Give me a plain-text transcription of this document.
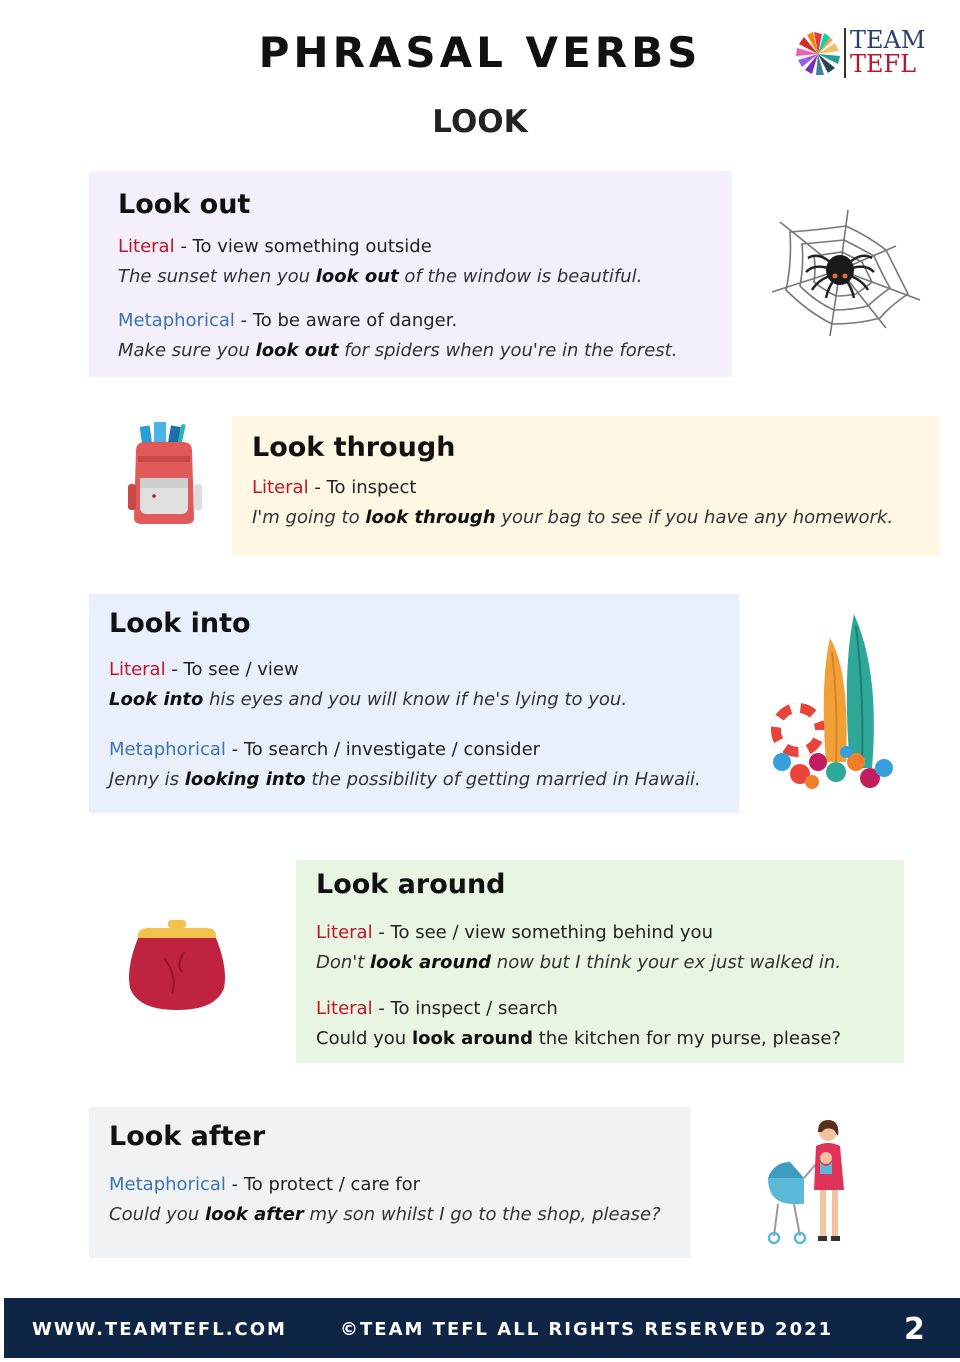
PHRASAL VERBS
LOOK
TEAM
TEFL
Look out
Literal - To view something outside
The sunset when you look out of the window is beautiful.
Metaphorical - To be aware of danger.
Make sure you look out for spiders when you're in the forest.
Look through
Literal - To inspect
I'm going to look through your bag to see if you have any homework.
Look into
Literal - To see / view
Look into his eyes and you will know if he's lying to you.
Metaphorical - To search / investigate / consider
Jenny is looking into the possibility of getting married in Hawaii.
Look around
Literal - To see / view something behind you
Don't look around now but I think your ex just walked in.
Literal - To inspect / search
Could you look around the kitchen for my purse, please?
Look after
Metaphorical - To protect / care for
Could you look after my son whilst I go to the shop, please?
WWW.TEAMTEFL.COM	©TEAM TEFL ALL RIGHTS RESERVED 2021 2
